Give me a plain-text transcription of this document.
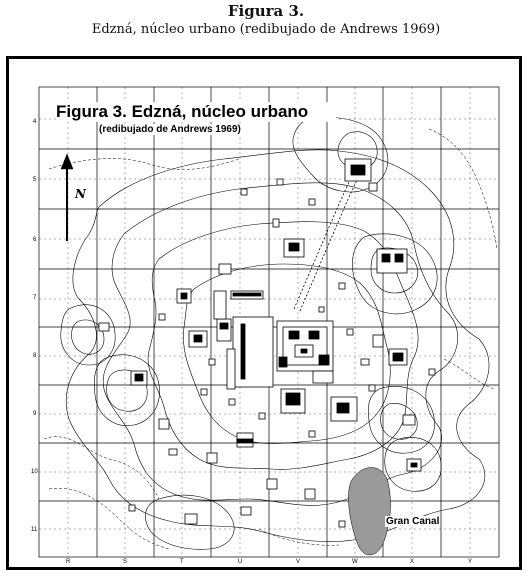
Figura 3.
Edzná, núcleo urbano (redibujado de Andrews 1969)
4
5
6
7
8
9
10
11
R	S	T	U	V	W	X	Y
Figura 3. Edzná, núcleo urbano
(redibujado de Andrews 1969)
N
Gran Canal
